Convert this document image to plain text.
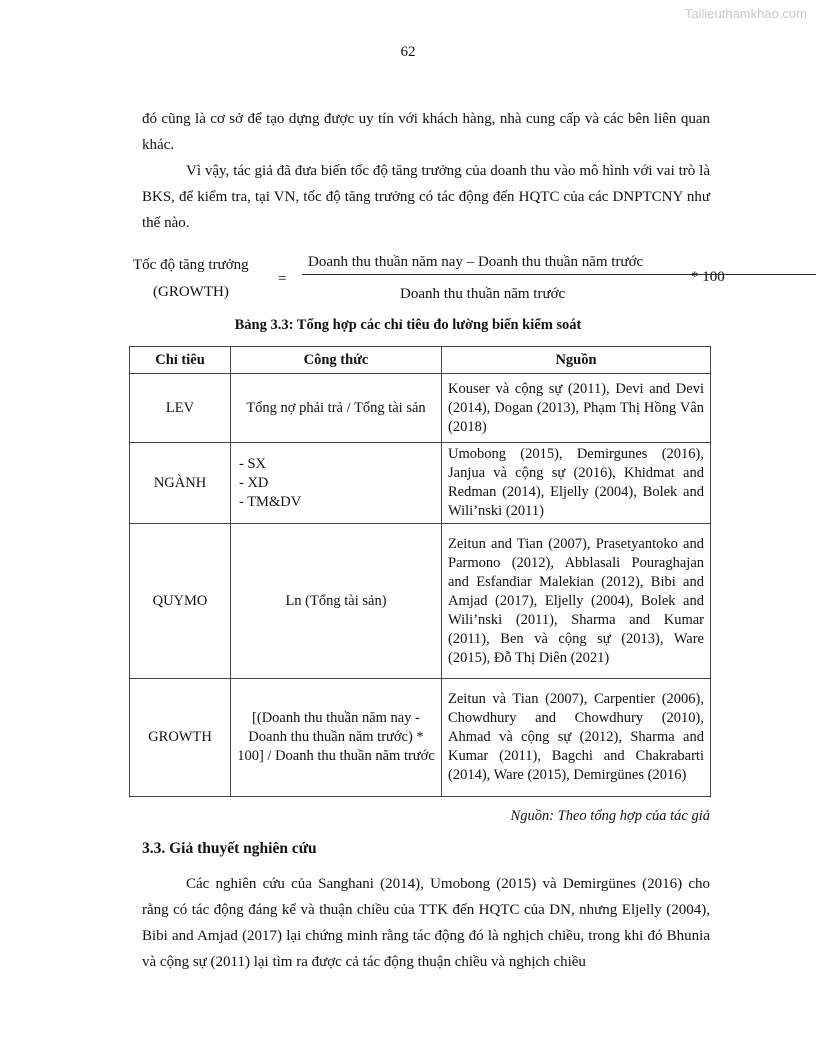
Tailieuthamkhao.com
62

đó cũng là cơ sở để tạo dựng được uy tín với khách hàng, nhà cung cấp và các bên liên quan khác.

Vì vậy, tác giả đã đưa biến tốc độ tăng trưởng của doanh thu vào mô hình với vai trò là BKS, để kiểm tra, tại VN, tốc độ tăng trưởng có tác động đến HQTC của các DNPTCNY như thế nào.

Tốc độ tăng trưởng
(GROWTH)
=
Doanh thu thuần năm nay – Doanh thu thuần năm trước
Doanh thu thuần năm trước
* 100
Bảng 3.3: Tổng hợp các chỉ tiêu đo lường biến kiểm soát
Chỉ tiêu	Công thức	Nguồn
LEV	Tổng nợ phải trả / Tổng tài sản	Kouser và cộng sự (2011), Devi and Devi (2014), Dogan (2013), Phạm Thị Hồng Vân (2018)
NGÀNH	- SX
- XD
- TM&DV	Umobong (2015), Demirgunes (2016), Janjua và cộng sự (2016), Khidmat and Redman (2014), Eljelly (2004), Bolek and Wili’nski (2011)
QUYMO	Ln (Tổng tài sản)	Zeitun and Tian (2007), Prasetyantoko and Parmono (2012), Abblasali Pouraghajan and Esfandiar Malekian (2012), Bibi and Amjad (2017), Eljelly (2004), Bolek and Wili’nski (2011), Sharma and Kumar (2011), Ben và cộng sự (2013), Ware (2015), Đỗ Thị Diên (2021)
GROWTH	[(Doanh thu thuần năm nay - Doanh thu thuần năm trước) * 100] / Doanh thu thuần năm trước	Zeitun và Tian (2007), Carpentier (2006), Chowdhury and Chowdhury (2010), Ahmad và cộng sự (2012), Sharma and Kumar (2011), Bagchi and Chakrabarti (2014), Ware (2015), Demirgünes (2016)
Nguồn: Theo tổng hợp của tác giả
3.3. Giả thuyết nghiên cứu

Các nghiên cứu của Sanghani (2014), Umobong (2015) và Demirgünes (2016) cho rằng có tác động đáng kể và thuận chiều của TTK đến HQTC của DN, nhưng Eljelly (2004), Bibi and Amjad (2017) lại chứng minh rằng tác động đó là nghịch chiều, trong khi đó Bhunia và cộng sự (2011) lại tìm ra được cả tác động thuận chiều và nghịch chiều
